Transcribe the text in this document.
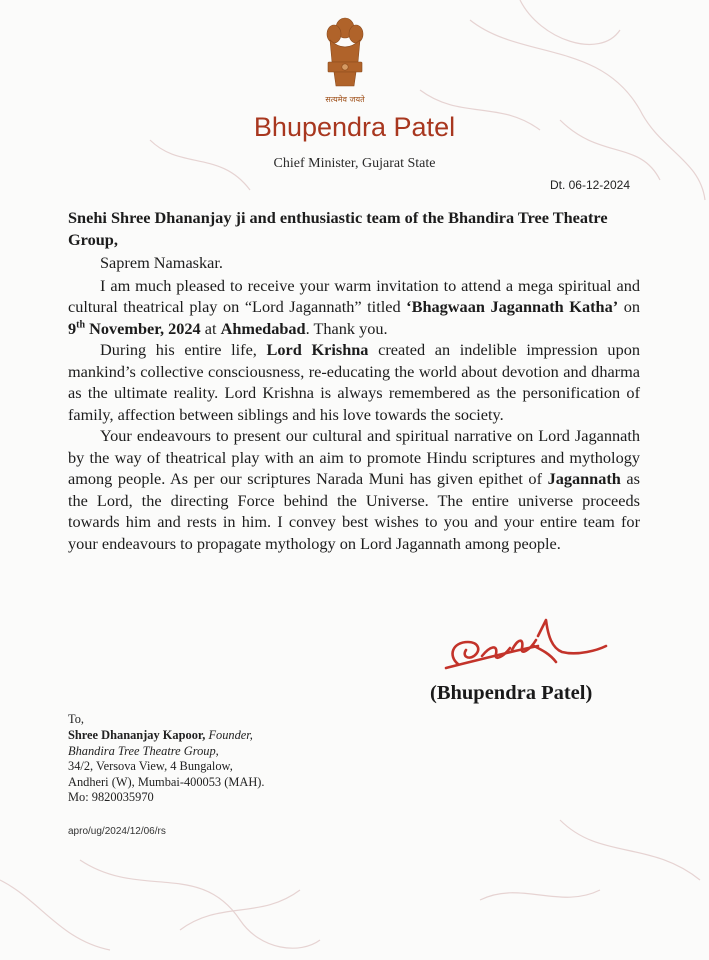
सत्यमेव जयते
Bhupendra Patel
Chief Minister, Gujarat State
Dt. 06-12-2024

Snehi Shree Dhananjay ji and enthusiastic team of the Bhandira Tree Theatre Group,

Saprem Namaskar.

I am much pleased to receive your warm invitation to attend a mega spiritual and cultural theatrical play on “Lord Jagannath” titled ‘Bhagwaan Jagannath Katha’ on 9th November, 2024 at Ahmedabad. Thank you.

During his entire life, Lord Krishna created an indelible impression upon mankind’s collective consciousness, re-educating the world about devotion and dharma as the ultimate reality. Lord Krishna is always remembered as the personification of family, affection between siblings and his love towards the society.

Your endeavours to present our cultural and spiritual narrative on Lord Jagannath by the way of theatrical play with an aim to promote Hindu scriptures and mythology among people. As per our scriptures Narada Muni has given epithet of Jagannath as the Lord, the directing Force behind the Universe. The entire universe proceeds towards him and rests in him. I convey best wishes to you and your entire team for your endeavours to propagate mythology on Lord Jagannath among people.

(Bhupendra Patel)
To,
Shree Dhananjay Kapoor, Founder,
Bhandira Tree Theatre Group,
34/2, Versova View, 4 Bungalow,
Andheri (W), Mumbai-400053 (MAH).
Mo: 9820035970
apro/ug/2024/12/06/rs
